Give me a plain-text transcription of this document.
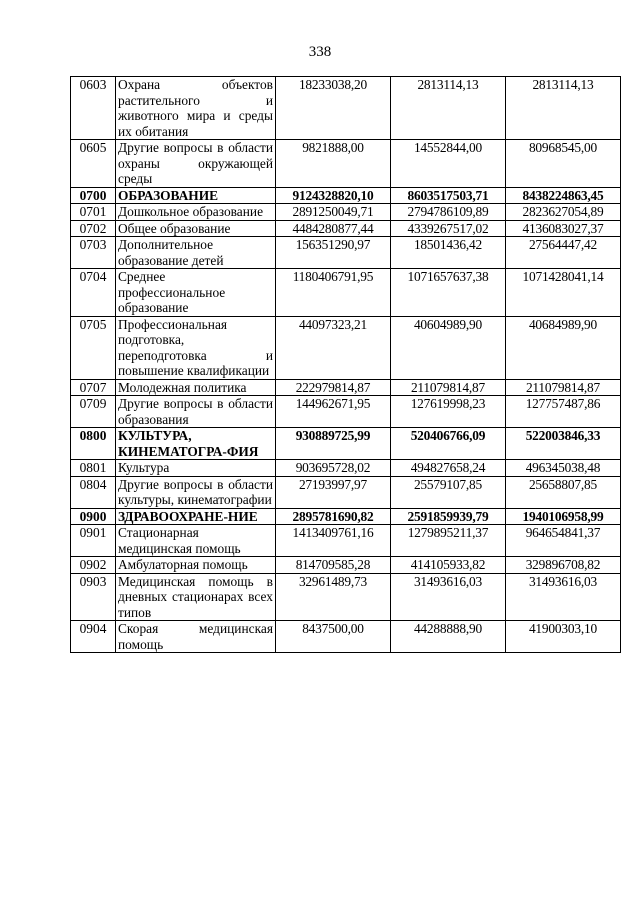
338
0603	Охрана объектов растительного и животного мира и среды их обитания	18233038,20	2813114,13	2813114,13
0605	Другие вопросы в области охраны окружающей среды	9821888,00	14552844,00	80968545,00
0700	ОБРАЗОВАНИЕ	9124328820,10	8603517503,71	8438224863,45
0701	Дошкольное образование	2891250049,71	2794786109,89	2823627054,89
0702	Общее образование	4484280877,44	4339267517,02	4136083027,37
0703	Дополнительное образование детей	156351290,97	18501436,42	27564447,42
0704	Среднее профессиональное образование	1180406791,95	1071657637,38	1071428041,14
0705	Профессиональная подготовка, переподготовка и повышение квалификации	44097323,21	40604989,90	40684989,90
0707	Молодежная политика	222979814,87	211079814,87	211079814,87
0709	Другие вопросы в области образования	144962671,95	127619998,23	127757487,86
0800	КУЛЬТУРА, КИНЕМАТОГРА-ФИЯ	930889725,99	520406766,09	522003846,33
0801	Культура	903695728,02	494827658,24	496345038,48
0804	Другие вопросы в области культуры, кинематографии	27193997,97	25579107,85	25658807,85
0900	ЗДРАВООХРАНЕ-НИЕ	2895781690,82	2591859939,79	1940106958,99
0901	Стационарная медицинская помощь	1413409761,16	1279895211,37	964654841,37
0902	Амбулаторная помощь	814709585,28	414105933,82	329896708,82
0903	Медицинская помощь в дневных стационарах всех типов	32961489,73	31493616,03	31493616,03
0904	Скорая медицинская помощь	8437500,00	44288888,90	41900303,10
